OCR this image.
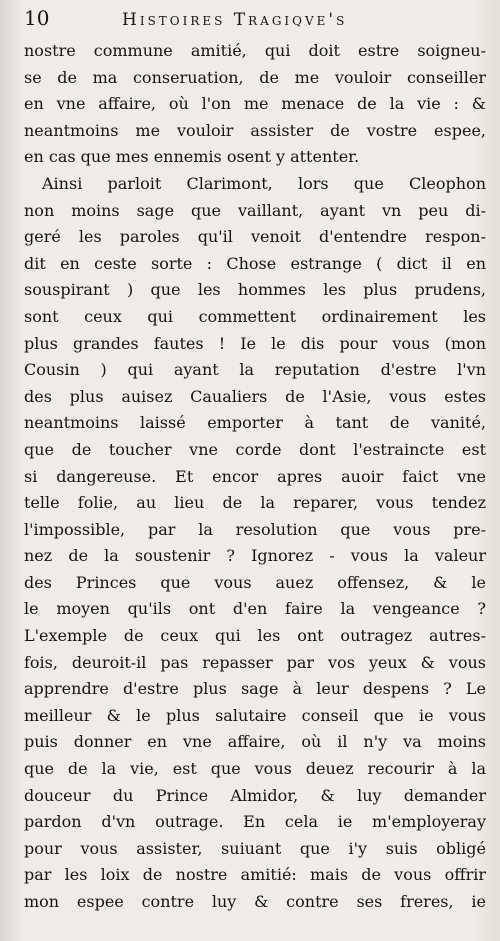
10	Histoires Tragiqve's
nostre commune amitié, qui doit estre soigneu-
se de ma conseruation, de me vouloir conseiller
en vne affaire, où l'on me menace de la vie : &
neantmoins me vouloir assister de vostre espee,
en cas que mes ennemis osent y attenter.
Ainsi parloit Clarimont, lors que Cleophon
non moins sage que vaillant, ayant vn peu di-
geré les paroles qu'il venoit d'entendre respon-
dit en ceste sorte : Chose estrange ( dict il en
souspirant ) que les hommes les plus prudens,
sont ceux qui commettent ordinairement les
plus grandes fautes ! Ie le dis pour vous (mon
Cousin ) qui ayant la reputation d'estre l'vn
des plus auisez Caualiers de l'Asie, vous estes
neantmoins laissé emporter à tant de vanité,
que de toucher vne corde dont l'estraincte est
si dangereuse. Et encor apres auoir faict vne
telle folie, au lieu de la reparer, vous tendez
l'impossible, par la resolution que vous pre-
nez de la soustenir ? Ignorez - vous la valeur
des Princes que vous auez offensez, & le
le moyen qu'ils ont d'en faire la vengeance ?
L'exemple de ceux qui les ont outragez autres-
fois, deuroit-il pas repasser par vos yeux & vous
apprendre d'estre plus sage à leur despens ? Le
meilleur & le plus salutaire conseil que ie vous
puis donner en vne affaire, où il n'y va moins
que de la vie, est que vous deuez recourir à la
douceur du Prince Almidor, & luy demander
pardon d'vn outrage. En cela ie m'employeray
pour vous assister, suiuant que i'y suis obligé
par les loix de nostre amitié: mais de vous offrir
mon espee contre luy & contre ses freres, ie
